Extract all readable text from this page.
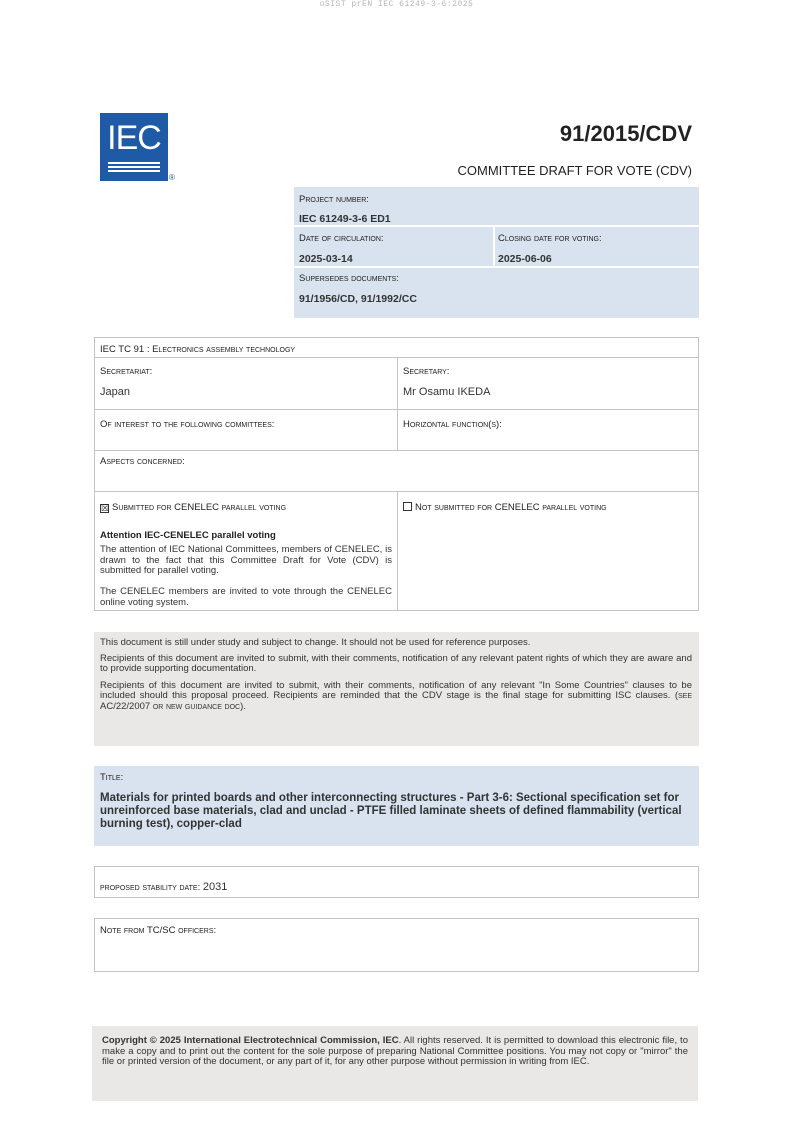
oSIST prEN IEC 61249-3-6:2025
IEC
®
91/2015/CDV
COMMITTEE DRAFT FOR VOTE (CDV)
Project number:
IEC 61249-3-6 ED1
Date of circulation:
2025-03-14
Closing date for voting:
2025-06-06
Supersedes documents:
91/1956/CD, 91/1992/CC
IEC TC 91 : Electronics assembly technology
Secretariat:
Japan
Secretary:
Mr Osamu IKEDA
Of interest to the following committees:	Horizontal function(s):
Aspects concerned:
☒ Submitted for CENELEC parallel voting	Not submitted for CENELEC parallel voting
Attention IEC-CENELEC parallel voting
The attention of IEC National Committees, members of CENELEC, is drawn to the fact that this Committee Draft for Vote (CDV) is submitted for parallel voting.
The CENELEC members are invited to vote through the CENELEC online voting system.

This document is still under study and subject to change. It should not be used for reference purposes.

Recipients of this document are invited to submit, with their comments, notification of any relevant patent rights of which they are aware and to provide supporting documentation.

Recipients of this document are invited to submit, with their comments, notification of any relevant "In Some Countries" clauses to be included should this proposal proceed. Recipients are reminded that the CDV stage is the final stage for submitting ISC clauses. (see AC/22/2007 or new guidance doc).

Title:
Materials for printed boards and other interconnecting structures - Part 3-6: Sectional specification set for unreinforced base materials, clad and unclad - PTFE filled laminate sheets of defined flammability (vertical burning test), copper-clad
proposed stability date: 2031
Note from TC/SC officers:

Copyright © 2025 International Electrotechnical Commission, IEC. All rights reserved. It is permitted to download this electronic file, to make a copy and to print out the content for the sole purpose of preparing National Committee positions. You may not copy or "mirror" the file or printed version of the document, or any part of it, for any other purpose without permission in writing from IEC.
